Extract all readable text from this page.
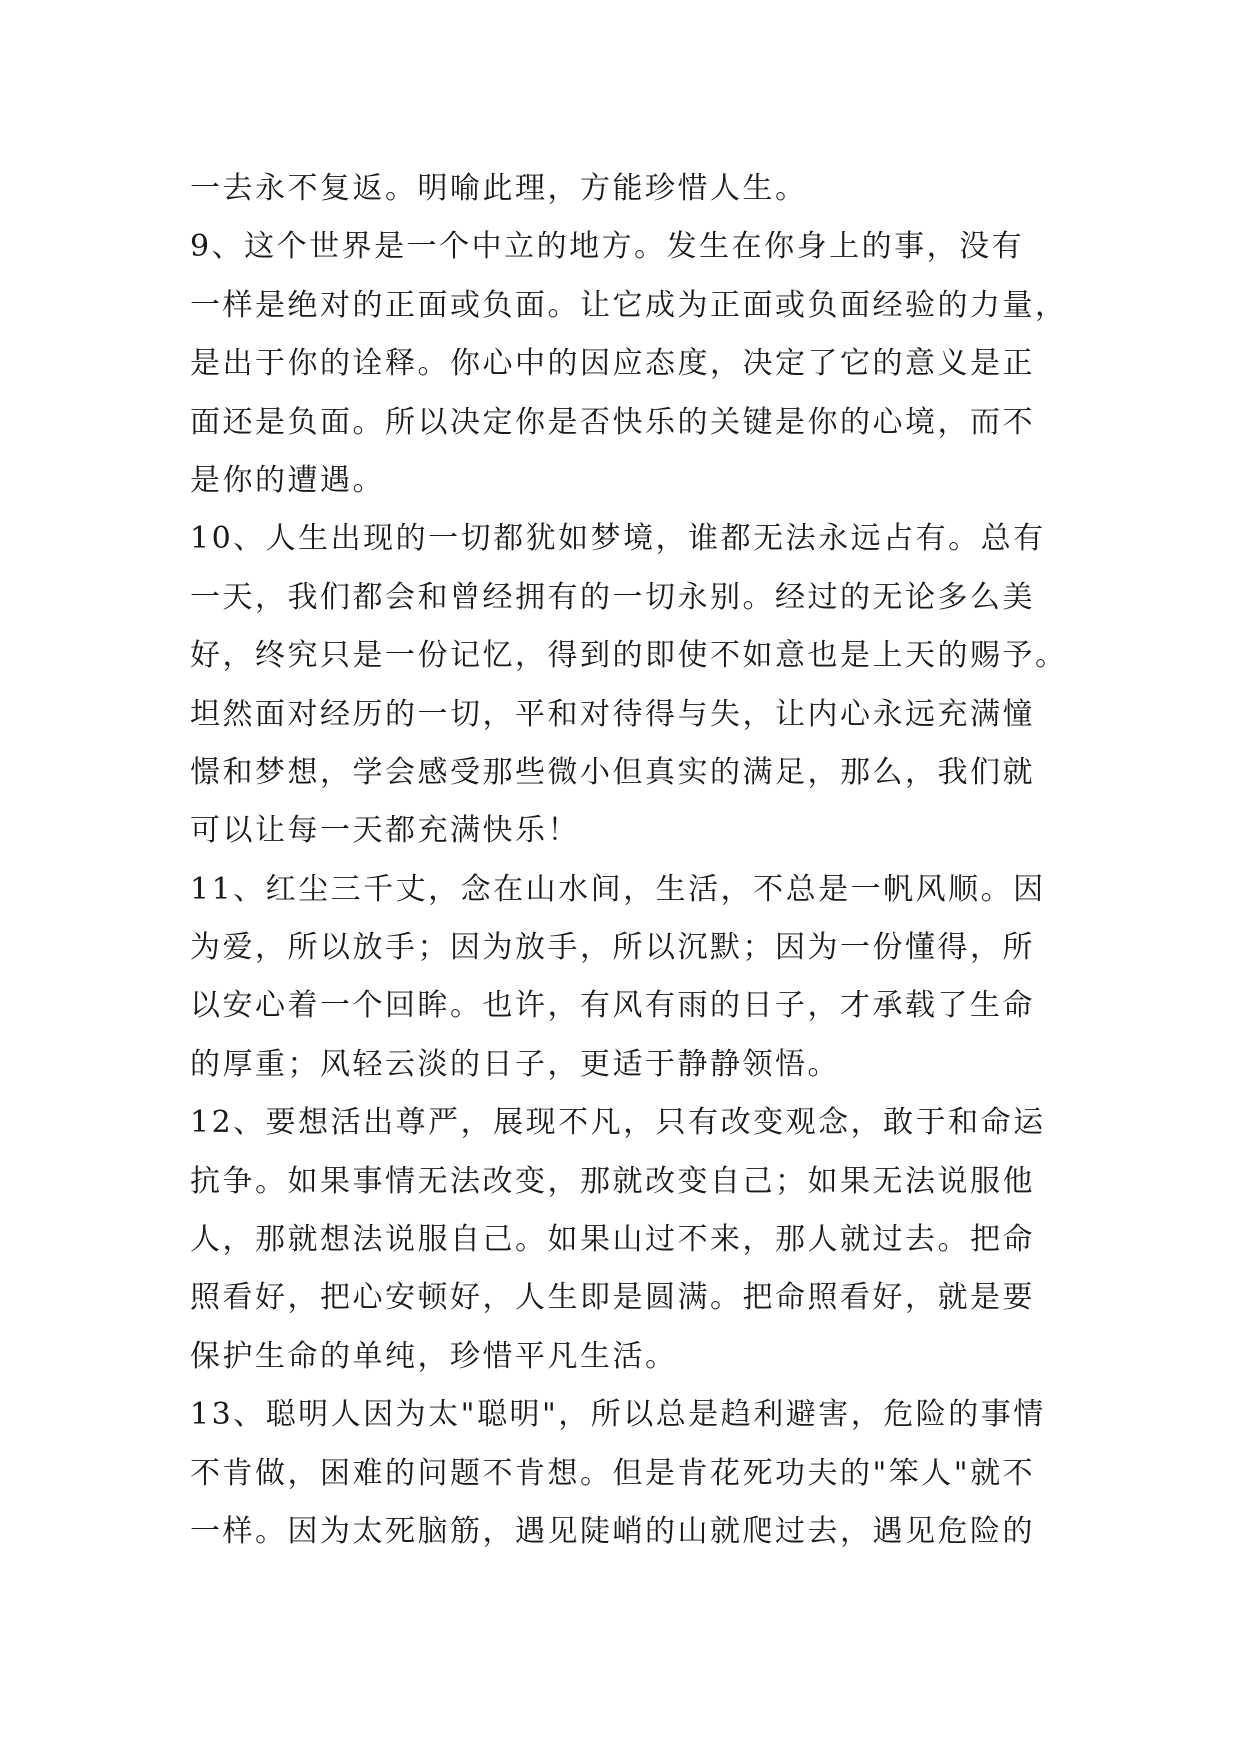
一去永不复返。明喻此理，方能珍惜人生。
9、这个世界是一个中立的地方。发生在你身上的事，没有
一样是绝对的正面或负面。让它成为正面或负面经验的力量，
是出于你的诠释。你心中的因应态度，决定了它的意义是正
面还是负面。所以决定你是否快乐的关键是你的心境，而不
是你的遭遇。
10、人生出现的一切都犹如梦境，谁都无法永远占有。总有
一天，我们都会和曾经拥有的一切永别。经过的无论多么美
好，终究只是一份记忆，得到的即使不如意也是上天的赐予。
坦然面对经历的一切，平和对待得与失，让内心永远充满憧
憬和梦想，学会感受那些微小但真实的满足，那么，我们就
可以让每一天都充满快乐！
11、红尘三千丈，念在山水间，生活，不总是一帆风顺。因
为爱，所以放手；因为放手，所以沉默；因为一份懂得，所
以安心着一个回眸。也许，有风有雨的日子，才承载了生命
的厚重；风轻云淡的日子，更适于静静领悟。
12、要想活出尊严，展现不凡，只有改变观念，敢于和命运
抗争。如果事情无法改变，那就改变自己；如果无法说服他
人，那就想法说服自己。如果山过不来，那人就过去。把命
照看好，把心安顿好，人生即是圆满。把命照看好，就是要
保护生命的单纯，珍惜平凡生活。
13、聪明人因为太"聪明"，所以总是趋利避害，危险的事情
不肯做，困难的问题不肯想。但是肯花死功夫的"笨人"就不
一样。因为太死脑筋，遇见陡峭的山就爬过去，遇见危险的
